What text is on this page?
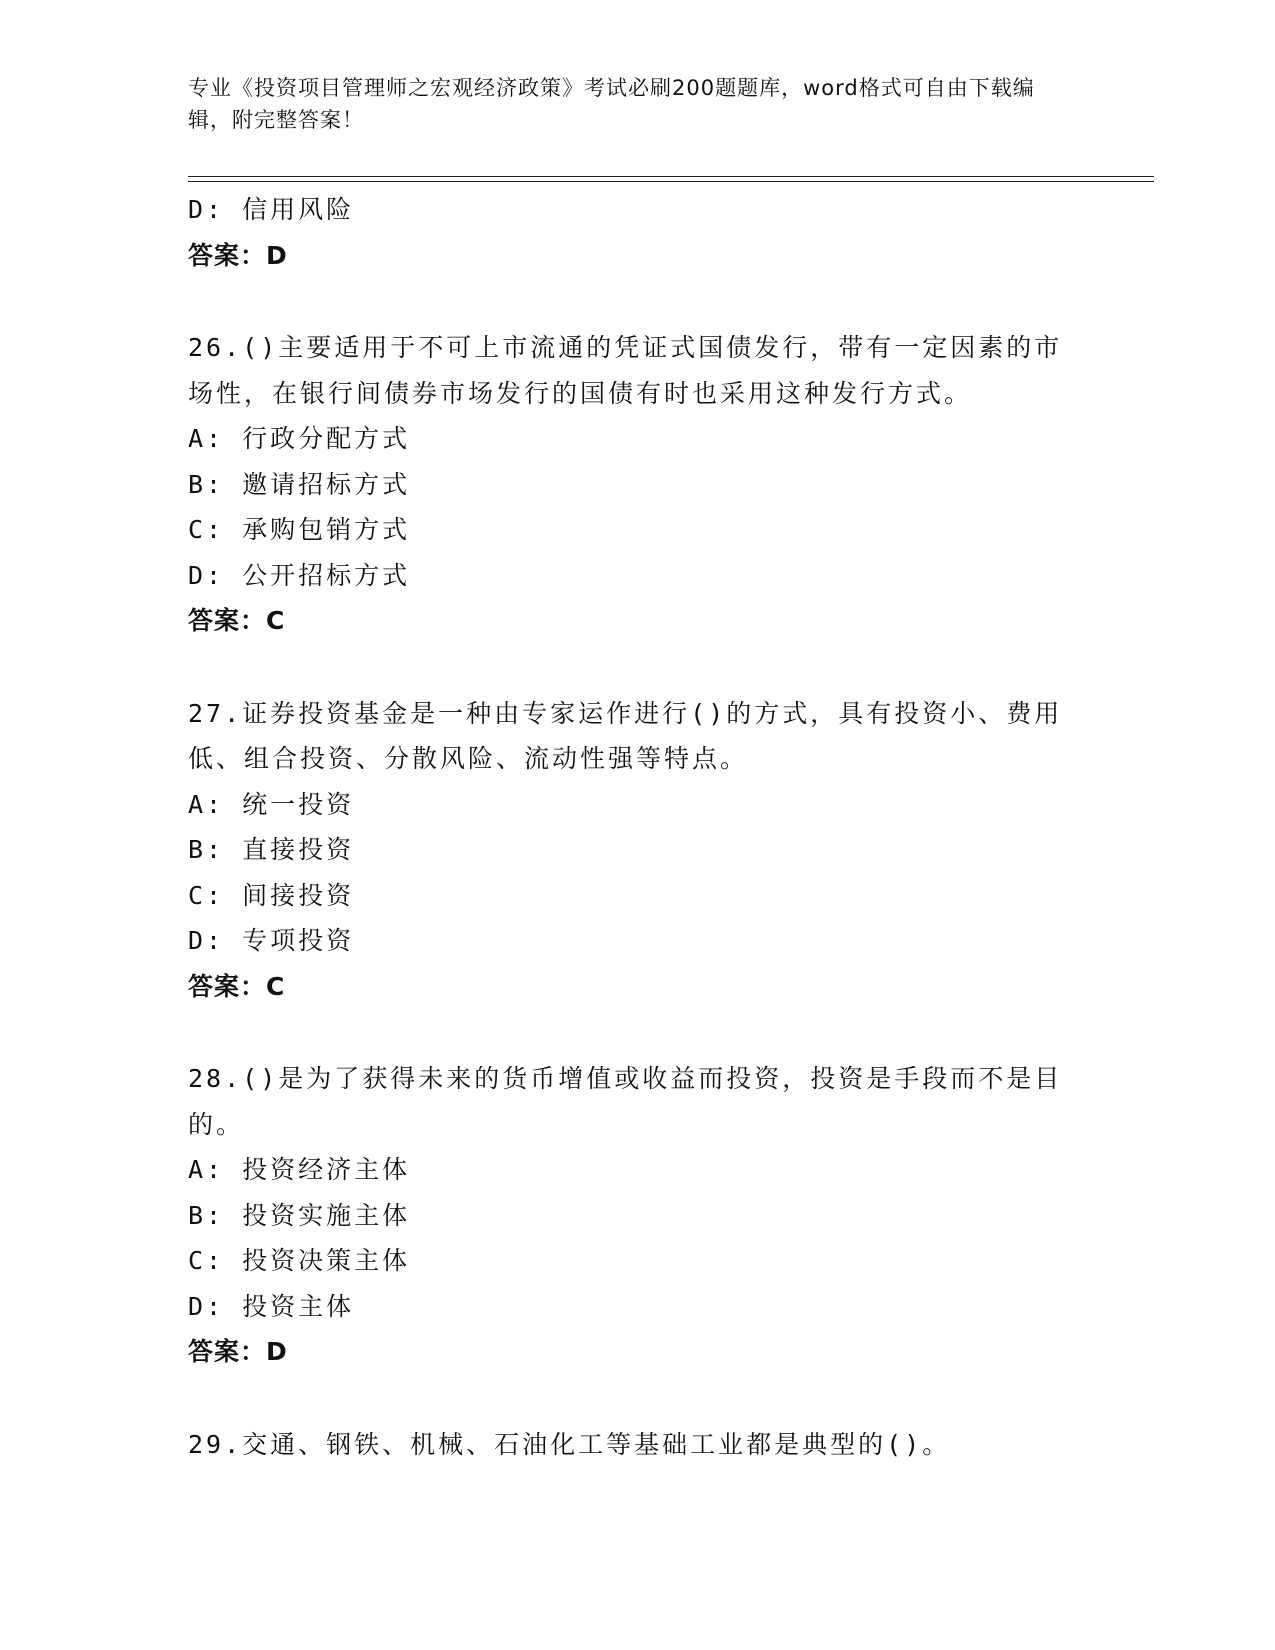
专业《投资项目管理师之宏观经济政策》考试必刷200题题库，word格式可自由下载编辑，附完整答案！
D: 信用风险
答案：D
26.()主要适用于不可上市流通的凭证式国债发行，带有一定因素的市场性，在银行间债券市场发行的国债有时也采用这种发行方式。
A: 行政分配方式
B: 邀请招标方式
C: 承购包销方式
D: 公开招标方式
答案：C
27.证券投资基金是一种由专家运作进行()的方式，具有投资小、费用低、组合投资、分散风险、流动性强等特点。
A: 统一投资
B: 直接投资
C: 间接投资
D: 专项投资
答案：C
28.()是为了获得未来的货币增值或收益而投资，投资是手段而不是目的。
A: 投资经济主体
B: 投资实施主体
C: 投资决策主体
D: 投资主体
答案：D
29.交通、钢铁、机械、石油化工等基础工业都是典型的()。
